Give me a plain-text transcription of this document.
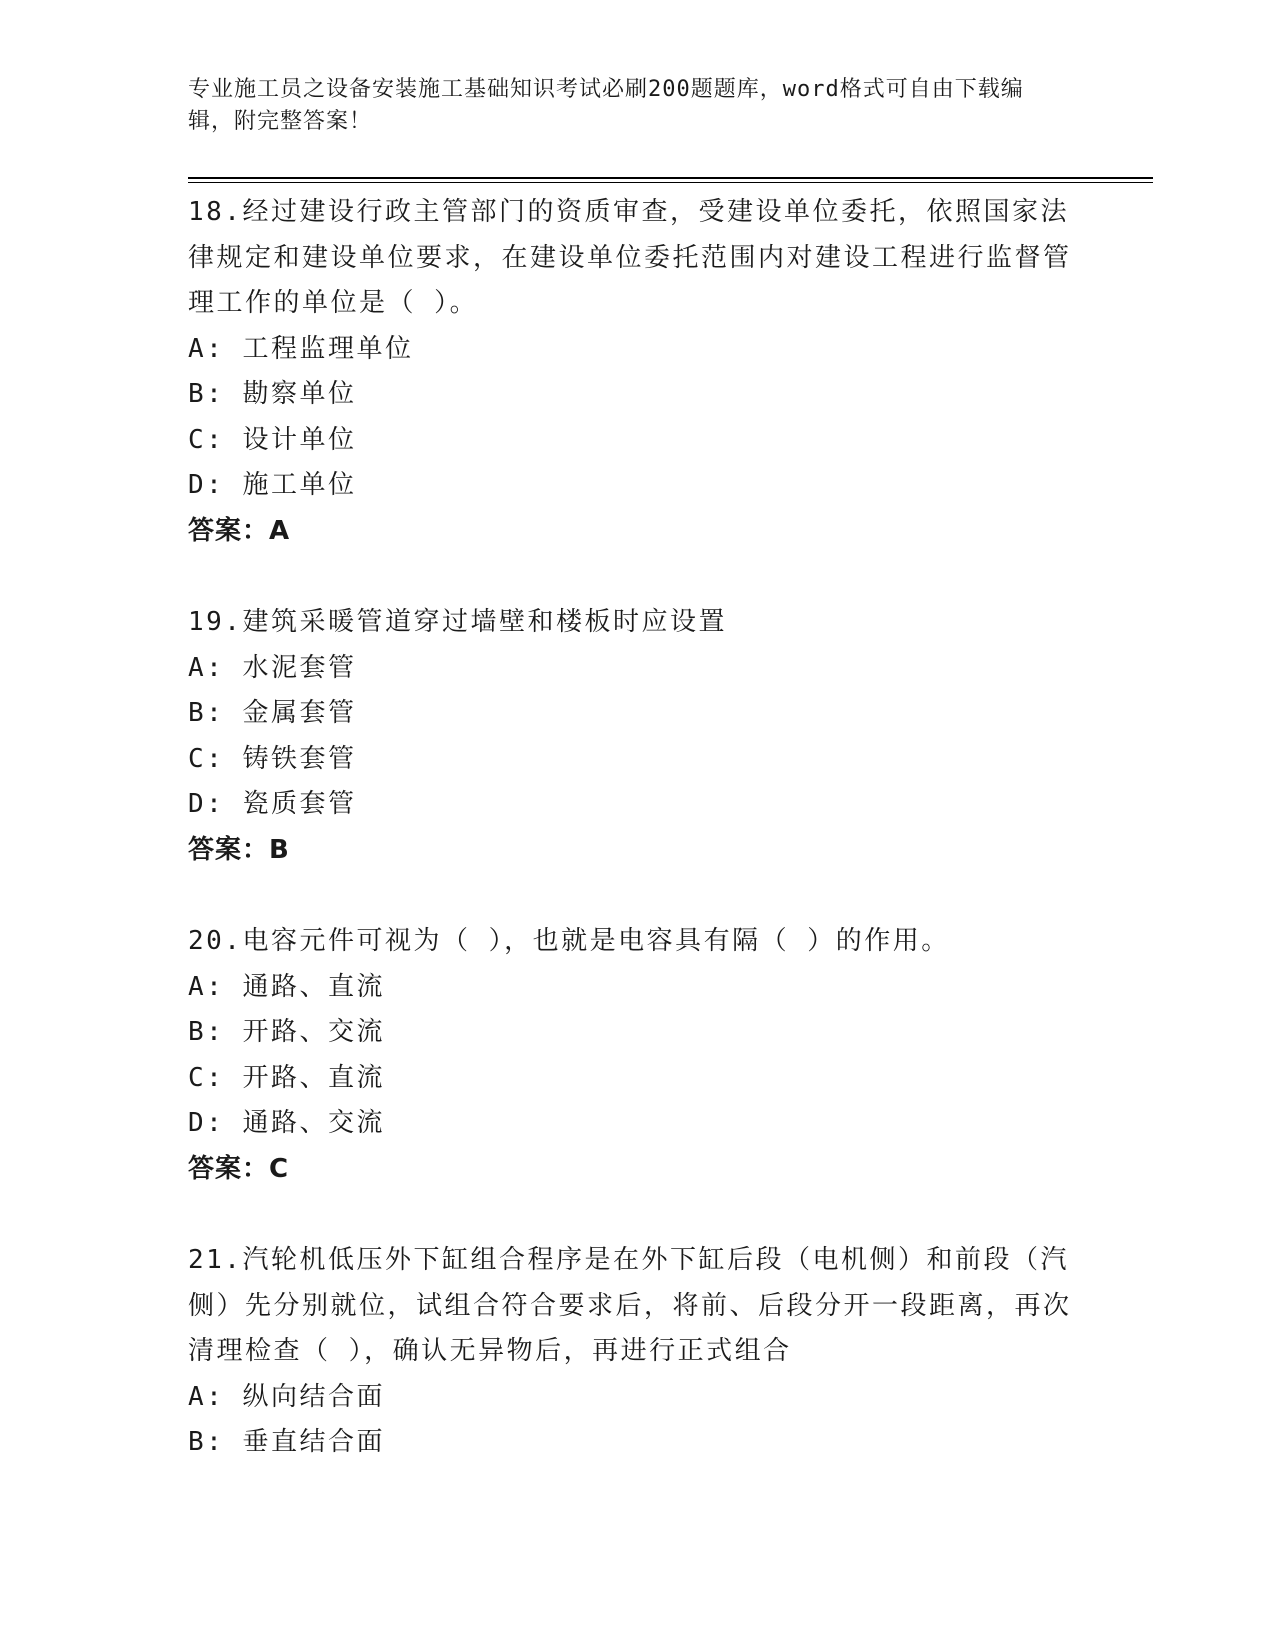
专业施工员之设备安装施工基础知识考试必刷200题题库，word格式可自由下载编辑，附完整答案！
18.经过建设行政主管部门的资质审查，受建设单位委托，依照国家法律规定和建设单位要求，在建设单位委托范围内对建设工程进行监督管理工作的单位是（ ）。
A: 工程监理单位
B: 勘察单位
C: 设计单位
D: 施工单位
答案：A
19.建筑采暖管道穿过墙壁和楼板时应设置
A: 水泥套管
B: 金属套管
C: 铸铁套管
D: 瓷质套管
答案：B
20.电容元件可视为（ ），也就是电容具有隔（ ）的作用。
A: 通路、直流
B: 开路、交流
C: 开路、直流
D: 通路、交流
答案：C
21.汽轮机低压外下缸组合程序是在外下缸后段（电机侧）和前段（汽侧）先分别就位，试组合符合要求后，将前、后段分开一段距离，再次清理检查（ ），确认无异物后，再进行正式组合
A: 纵向结合面
B: 垂直结合面
